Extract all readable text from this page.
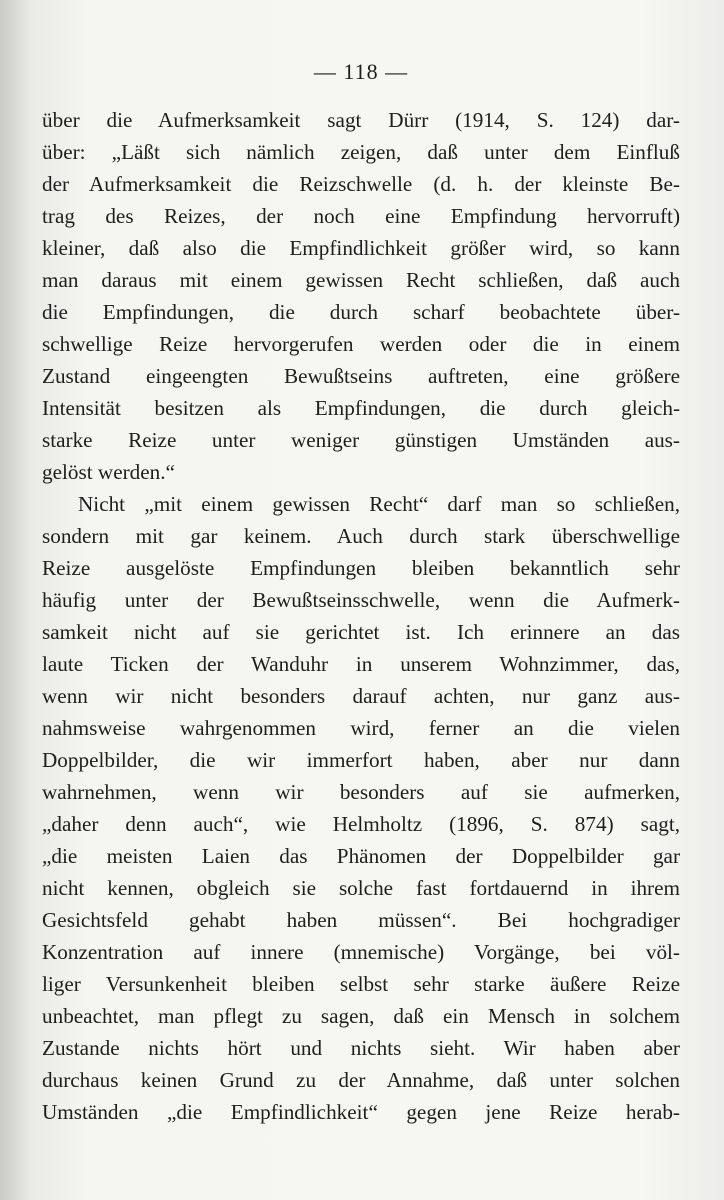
— 118 —
über die Aufmerksamkeit sagt Dürr (1914, S. 124) dar-
über: „Läßt sich nämlich zeigen, daß unter dem Einfluß
der Aufmerksamkeit die Reizschwelle (d. h. der kleinste Be-
trag des Reizes, der noch eine Empfindung hervorruft)
kleiner, daß also die Empfindlichkeit größer wird, so kann
man daraus mit einem gewissen Recht schließen, daß auch
die Empfindungen, die durch scharf beobachtete über-
schwellige Reize hervorgerufen werden oder die in einem
Zustand eingeengten Bewußtseins auftreten, eine größere
Intensität besitzen als Empfindungen, die durch gleich-
starke Reize unter weniger günstigen Umständen aus-
gelöst werden.“
Nicht „mit einem gewissen Recht“ darf man so schließen,
sondern mit gar keinem. Auch durch stark überschwellige
Reize ausgelöste Empfindungen bleiben bekanntlich sehr
häufig unter der Bewußtseinsschwelle, wenn die Aufmerk-
samkeit nicht auf sie gerichtet ist. Ich erinnere an das
laute Ticken der Wanduhr in unserem Wohnzimmer, das,
wenn wir nicht besonders darauf achten, nur ganz aus-
nahmsweise wahrgenommen wird, ferner an die vielen
Doppelbilder, die wir immerfort haben, aber nur dann
wahrnehmen, wenn wir besonders auf sie aufmerken,
„daher denn auch“, wie Helmholtz (1896, S. 874) sagt,
„die meisten Laien das Phänomen der Doppelbilder gar
nicht kennen, obgleich sie solche fast fortdauernd in ihrem
Gesichtsfeld gehabt haben müssen“. Bei hochgradiger
Konzentration auf innere (mnemische) Vorgänge, bei völ-
liger Versunkenheit bleiben selbst sehr starke äußere Reize
unbeachtet, man pflegt zu sagen, daß ein Mensch in solchem
Zustande nichts hört und nichts sieht. Wir haben aber
durchaus keinen Grund zu der Annahme, daß unter solchen
Umständen „die Empfindlichkeit“ gegen jene Reize herab-
